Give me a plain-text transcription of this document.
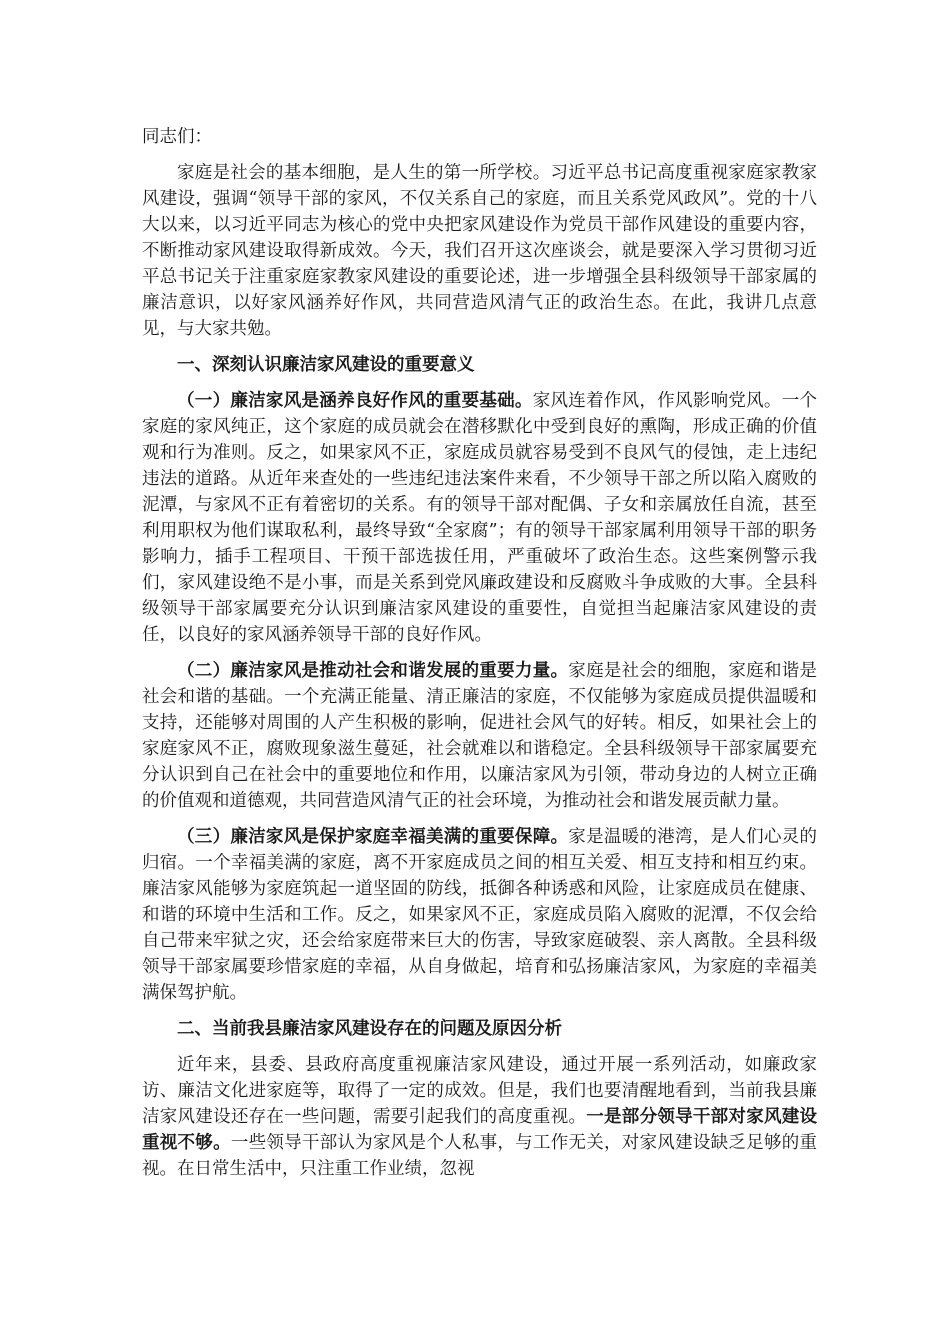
同志们：

家庭是社会的基本细胞，是人生的第一所学校。习近平总书记高度重视家庭家教家风建设，强调“领导干部的家风，不仅关系自己的家庭，而且关系党风政风”。党的十八大以来，以习近平同志为核心的党中央把家风建设作为党员干部作风建设的重要内容，不断推动家风建设取得新成效。今天，我们召开这次座谈会，就是要深入学习贯彻习近平总书记关于注重家庭家教家风建设的重要论述，进一步增强全县科级领导干部家属的廉洁意识，以好家风涵养好作风，共同营造风清气正的政治生态。在此，我讲几点意见，与大家共勉。

一、深刻认识廉洁家风建设的重要意义

（一）廉洁家风是涵养良好作风的重要基础。家风连着作风，作风影响党风。一个家庭的家风纯正，这个家庭的成员就会在潜移默化中受到良好的熏陶，形成正确的价值观和行为准则。反之，如果家风不正，家庭成员就容易受到不良风气的侵蚀，走上违纪违法的道路。从近年来查处的一些违纪违法案件来看，不少领导干部之所以陷入腐败的泥潭，与家风不正有着密切的关系。有的领导干部对配偶、子女和亲属放任自流，甚至利用职权为他们谋取私利，最终导致“全家腐”；有的领导干部家属利用领导干部的职务影响力，插手工程项目、干预干部选拔任用，严重破坏了政治生态。这些案例警示我们，家风建设绝不是小事，而是关系到党风廉政建设和反腐败斗争成败的大事。全县科级领导干部家属要充分认识到廉洁家风建设的重要性，自觉担当起廉洁家风建设的责任，以良好的家风涵养领导干部的良好作风。

（二）廉洁家风是推动社会和谐发展的重要力量。家庭是社会的细胞，家庭和谐是社会和谐的基础。一个充满正能量、清正廉洁的家庭，不仅能够为家庭成员提供温暖和支持，还能够对周围的人产生积极的影响，促进社会风气的好转。相反，如果社会上的家庭家风不正，腐败现象滋生蔓延，社会就难以和谐稳定。全县科级领导干部家属要充分认识到自己在社会中的重要地位和作用，以廉洁家风为引领，带动身边的人树立正确的价值观和道德观，共同营造风清气正的社会环境，为推动社会和谐发展贡献力量。

（三）廉洁家风是保护家庭幸福美满的重要保障。家是温暖的港湾，是人们心灵的归宿。一个幸福美满的家庭，离不开家庭成员之间的相互关爱、相互支持和相互约束。廉洁家风能够为家庭筑起一道坚固的防线，抵御各种诱惑和风险，让家庭成员在健康、和谐的环境中生活和工作。反之，如果家风不正，家庭成员陷入腐败的泥潭，不仅会给自己带来牢狱之灾，还会给家庭带来巨大的伤害，导致家庭破裂、亲人离散。全县科级领导干部家属要珍惜家庭的幸福，从自身做起，培育和弘扬廉洁家风，为家庭的幸福美满保驾护航。

二、当前我县廉洁家风建设存在的问题及原因分析

近年来，县委、县政府高度重视廉洁家风建设，通过开展一系列活动，如廉政家访、廉洁文化进家庭等，取得了一定的成效。但是，我们也要清醒地看到，当前我县廉洁家风建设还存在一些问题，需要引起我们的高度重视。一是部分领导干部对家风建设重视不够。一些领导干部认为家风是个人私事，与工作无关，对家风建设缺乏足够的重视。在日常生活中，只注重工作业绩，忽视
